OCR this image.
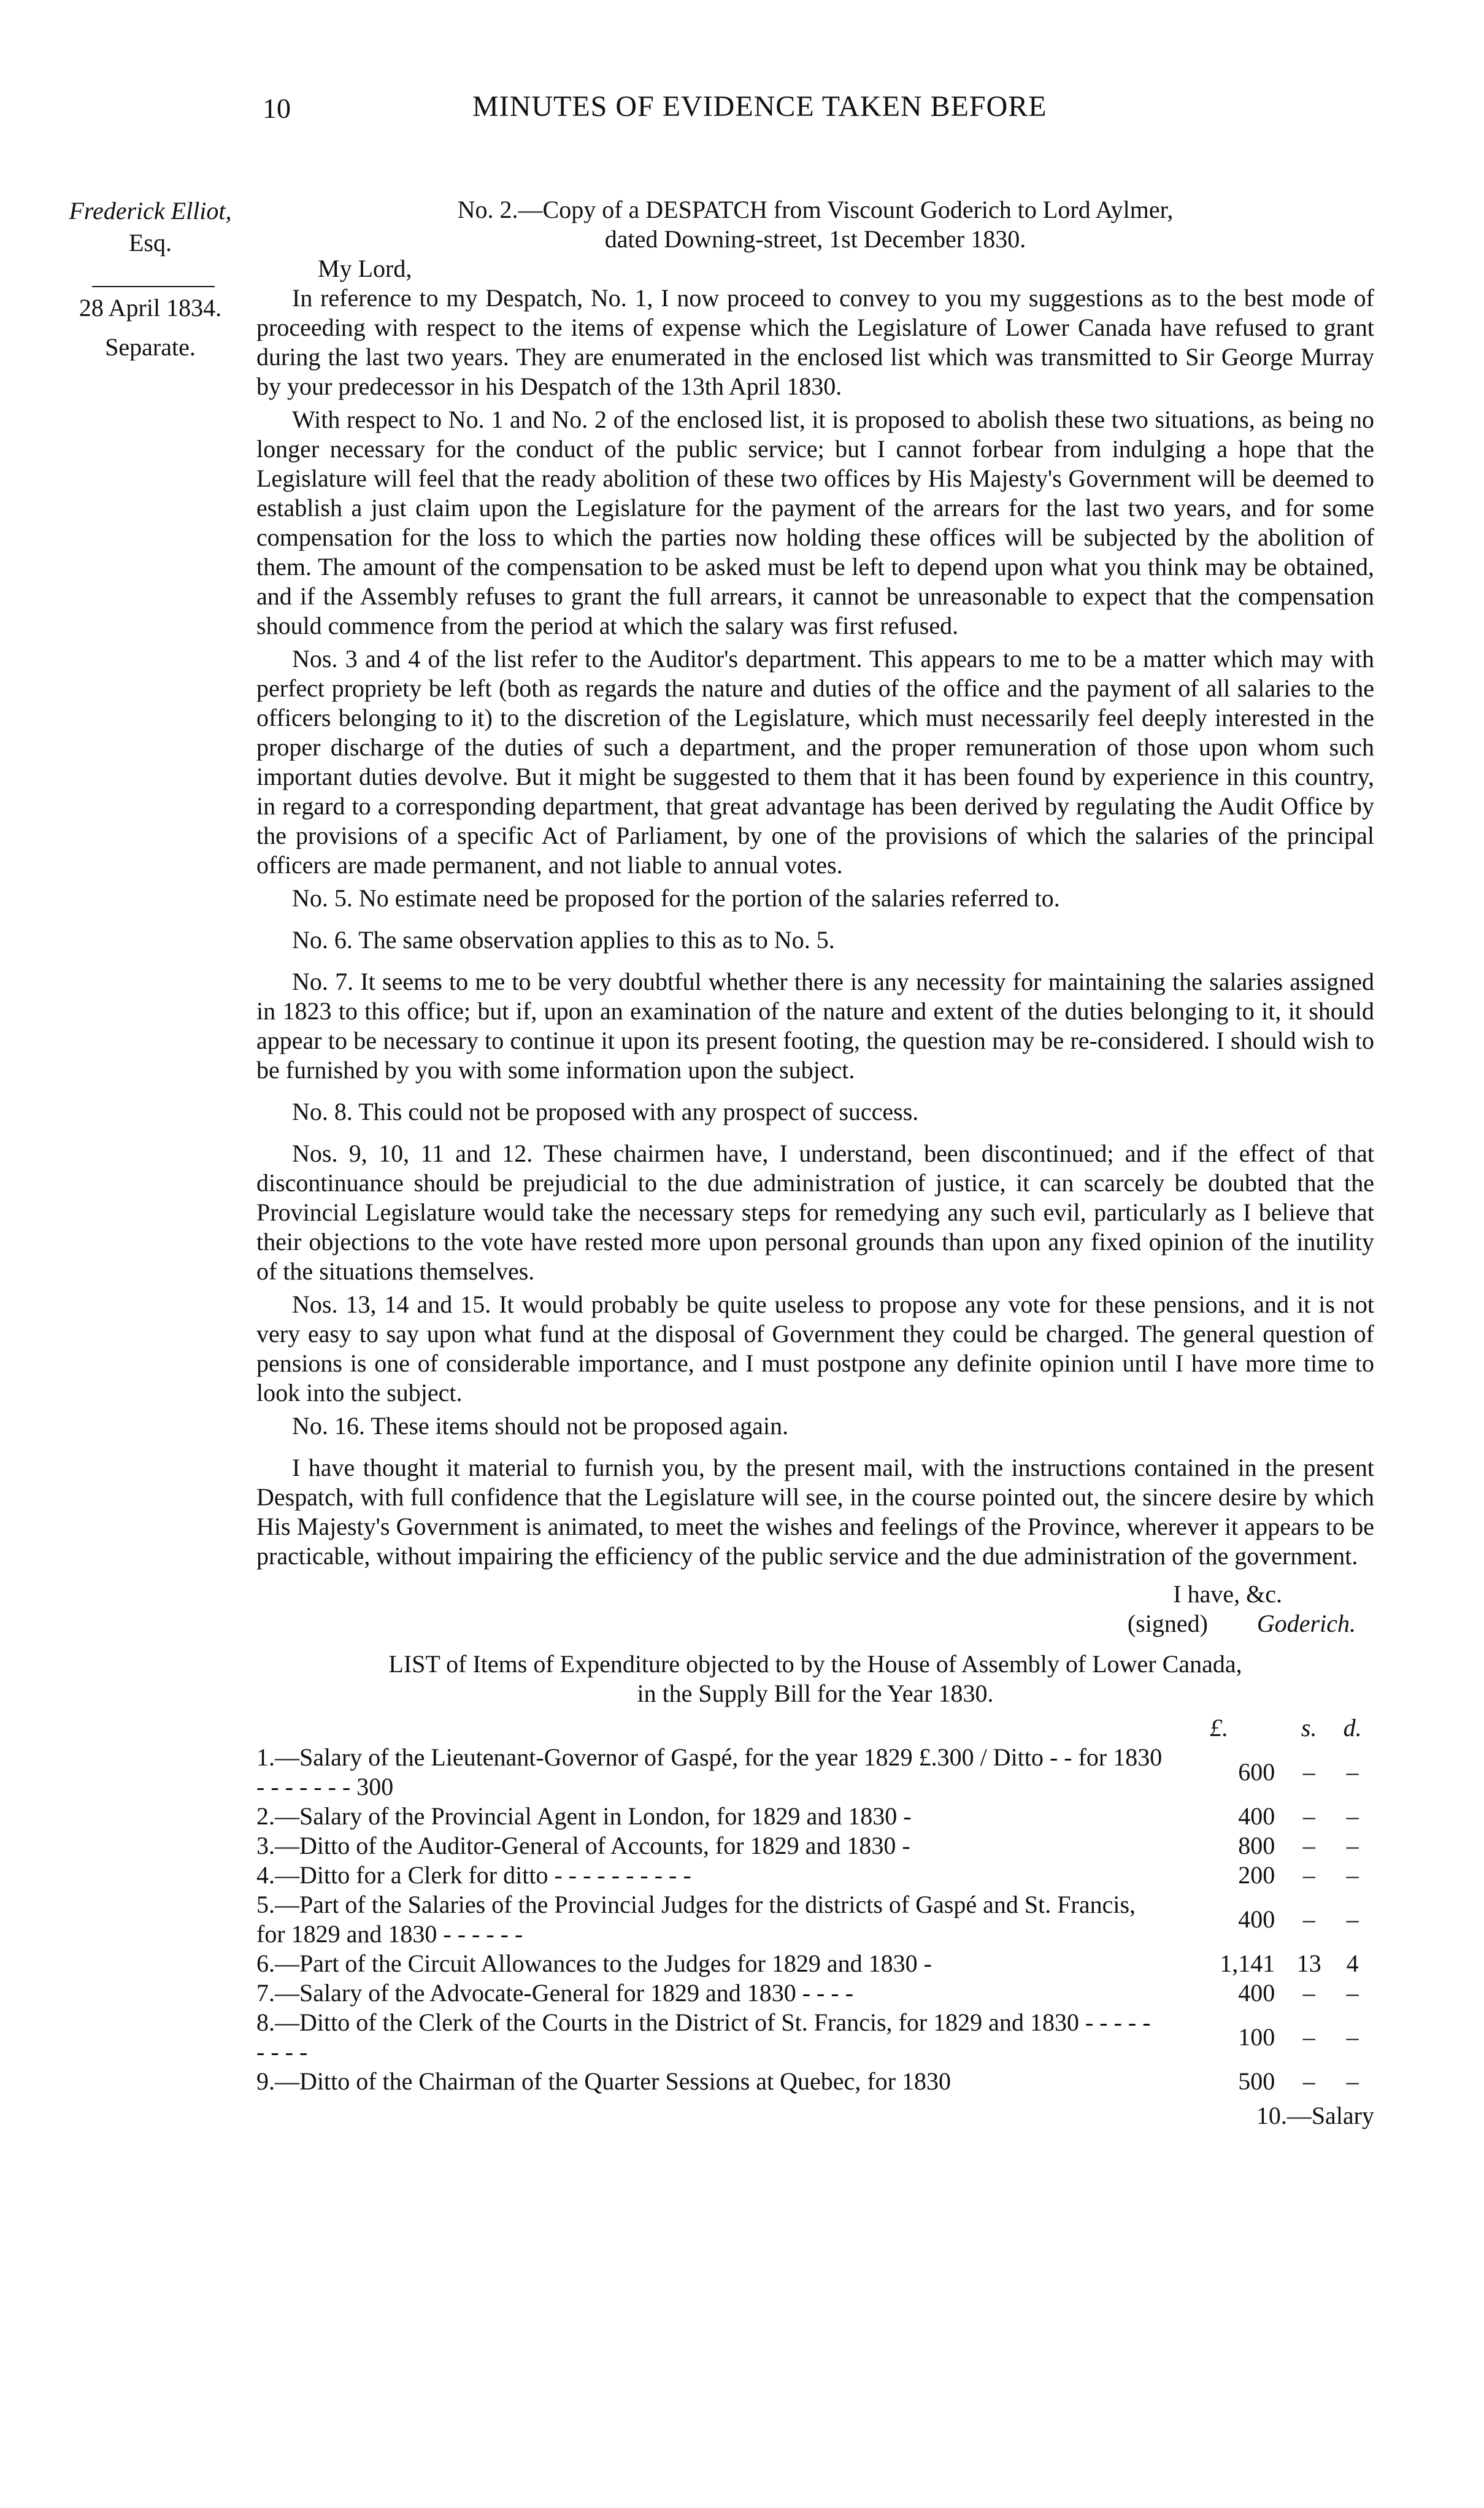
10	MINUTES OF EVIDENCE TAKEN BEFORE
Frederick Elliot,
Esq.
28 April 1834.
Separate.

No. 2.—Copy of a DESPATCH from Viscount Goderich to Lord Aylmer,

dated Downing-street, 1st December 1830.

My Lord,

In reference to my Despatch, No. 1, I now proceed to convey to you my suggestions as to the best mode of proceeding with respect to the items of expense which the Legislature of Lower Canada have refused to grant during the last two years. They are enumerated in the enclosed list which was transmitted to Sir George Murray by your predecessor in his Despatch of the 13th April 1830.

With respect to No. 1 and No. 2 of the enclosed list, it is proposed to abolish these two situations, as being no longer necessary for the conduct of the public service; but I cannot forbear from indulging a hope that the Legislature will feel that the ready abolition of these two offices by His Majesty's Government will be deemed to establish a just claim upon the Legislature for the payment of the arrears for the last two years, and for some compensation for the loss to which the parties now holding these offices will be subjected by the abolition of them. The amount of the compensation to be asked must be left to depend upon what you think may be obtained, and if the Assembly refuses to grant the full arrears, it cannot be unreasonable to expect that the compensation should commence from the period at which the salary was first refused.

Nos. 3 and 4 of the list refer to the Auditor's department. This appears to me to be a matter which may with perfect propriety be left (both as regards the nature and duties of the office and the payment of all salaries to the officers belonging to it) to the discretion of the Legislature, which must necessarily feel deeply interested in the proper discharge of the duties of such a department, and the proper remuneration of those upon whom such important duties devolve. But it might be suggested to them that it has been found by experience in this country, in regard to a corresponding department, that great advantage has been derived by regulating the Audit Office by the provisions of a specific Act of Parliament, by one of the provisions of which the salaries of the principal officers are made permanent, and not liable to annual votes.

No. 5. No estimate need be proposed for the portion of the salaries referred to.

No. 6. The same observation applies to this as to No. 5.

No. 7. It seems to me to be very doubtful whether there is any necessity for maintaining the salaries assigned in 1823 to this office; but if, upon an examination of the nature and extent of the duties belonging to it, it should appear to be necessary to continue it upon its present footing, the question may be re-considered. I should wish to be furnished by you with some information upon the subject.

No. 8. This could not be proposed with any prospect of success.

Nos. 9, 10, 11 and 12. These chairmen have, I understand, been discontinued; and if the effect of that discontinuance should be prejudicial to the due administration of justice, it can scarcely be doubted that the Provincial Legislature would take the necessary steps for remedying any such evil, particularly as I believe that their objections to the vote have rested more upon personal grounds than upon any fixed opinion of the inutility of the situations themselves.

Nos. 13, 14 and 15. It would probably be quite useless to propose any vote for these pensions, and it is not very easy to say upon what fund at the disposal of Government they could be charged. The general question of pensions is one of considerable importance, and I must postpone any definite opinion until I have more time to look into the subject.

No. 16. These items should not be proposed again.

I have thought it material to furnish you, by the present mail, with the instructions contained in the present Despatch, with full confidence that the Legislature will see, in the course pointed out, the sincere desire by which His Majesty's Government is animated, to meet the wishes and feelings of the Province, wherever it appears to be practicable, without impairing the efficiency of the public service and the due administration of the government.

I have, &c.

(signed) Goderich.

LIST of Items of Expenditure objected to by the House of Assembly of Lower Canada,

in the Supply Bill for the Year 1830.

	£.	s.	d.
1.—Salary of the Lieutenant-Governor of Gaspé, for the year 1829 £.300 / Ditto - - for 1830 - - - - - - - 300	600	–	–
2.—Salary of the Provincial Agent in London, for 1829 and 1830 -	400	–	–
3.—Ditto of the Auditor-General of Accounts, for 1829 and 1830 -	800	–	–
4.—Ditto for a Clerk for ditto - - - - - - - - - -	200	–	–
5.—Part of the Salaries of the Provincial Judges for the districts of Gaspé and St. Francis, for 1829 and 1830 - - - - - -	400	–	–
6.—Part of the Circuit Allowances to the Judges for 1829 and 1830 -	1,141	13	4
7.—Salary of the Advocate-General for 1829 and 1830 - - - -	400	–	–
8.—Ditto of the Clerk of the Courts in the District of St. Francis, for 1829 and 1830 - - - - - - - - -	100	–	–
9.—Ditto of the Chairman of the Quarter Sessions at Quebec, for 1830	500	–	–

10.—Salary
